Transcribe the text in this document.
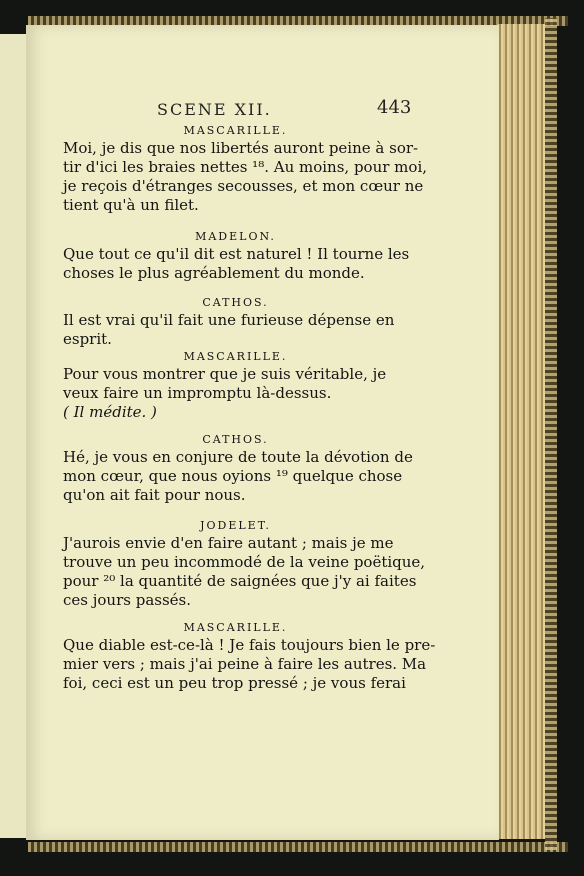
SCENE XII.	443
MASCARILLE.

Moi, je dis que nos libertés auront peine à sor-

tir d'ici les braies nettes ¹⁸. Au moins, pour moi,

je reçois d'étranges secousses, et mon cœur ne

tient qu'à un filet.

MADELON.

Que tout ce qu'il dit est naturel ! Il tourne les

choses le plus agréablement du monde.

CATHOS.

Il est vrai qu'il fait une furieuse dépense en

esprit.

MASCARILLE.

Pour vous montrer que je suis véritable, je

veux faire un impromptu là-dessus.

( Il médite. )

CATHOS.

Hé, je vous en conjure de toute la dévotion de

mon cœur, que nous oyions ¹⁹ quelque chose

qu'on ait fait pour nous.

JODELET.

J'aurois envie d'en faire autant ; mais je me

trouve un peu incommodé de la veine poëtique,

pour ²⁰ la quantité de saignées que j'y ai faites

ces jours passés.

MASCARILLE.

Que diable est-ce-là ! Je fais toujours bien le pre-

mier vers ; mais j'ai peine à faire les autres. Ma

foi, ceci est un peu trop pressé ; je vous ferai
